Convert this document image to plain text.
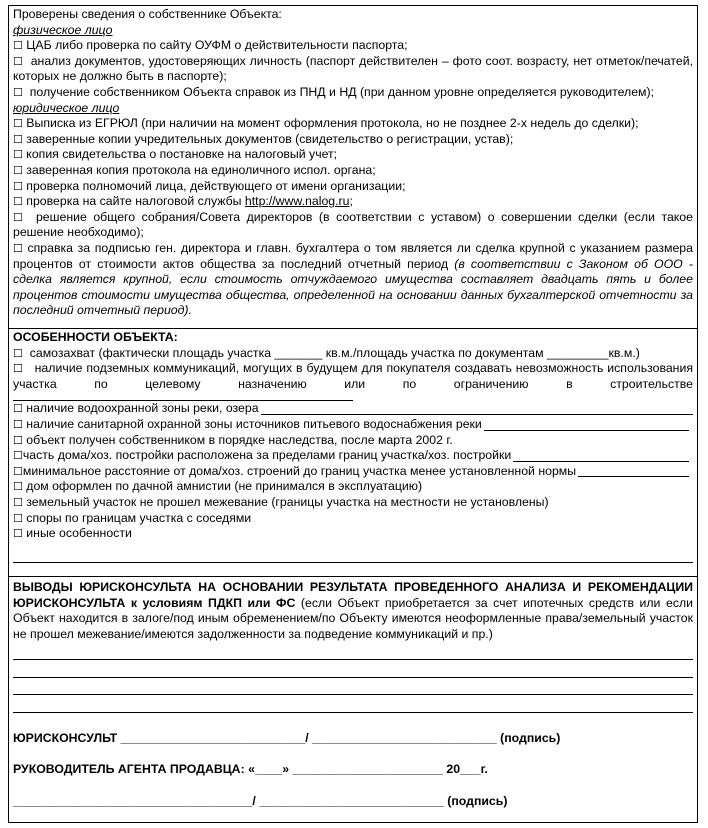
Проверены сведения о собственнике Объекта:

физическое лицо

☐ ЦАБ либо проверка по сайту ОУФМ о действительности паспорта;

☐ анализ документов, удостоверяющих личность (паспорт действителен – фото соот. возрасту, нет отметок/печатей, которых не должно быть в паспорте);

☐ получение собственником Объекта справок из ПНД и НД (при данном уровне определяется руководителем);

юридическое лицо

☐ Выписка из ЕГРЮЛ (при наличии на момент оформления протокола, но не позднее 2-х недель до сделки);

☐ заверенные копии учредительных документов (свидетельство о регистрации, устав);

☐ копия свидетельства о постановке на налоговый учет;

☐ заверенная копия протокола на единоличного испол. органа;

☐ проверка полномочий лица, действующего от имени организации;

☐ проверка на сайте налоговой службы http://www.nalog.ru;

☐ решение общего собрания/Совета директоров (в соответствии с уставом) о совершении сделки (если такое решение необходимо);

☐ справка за подписью ген. директора и главн. бухгалтера о том является ли сделка крупной с указанием размера процентов от стоимости актов общества за последний отчетный период (в соответствии с Законом об ООО - сделка является крупной, если стоимость отчуждаемого имущества составляет двадцать пять и более процентов стоимости имущества общества, определенной на основании данных бухгалтерской отчетности за последний отчетный период).

ОСОБЕННОСТИ ОБЪЕКТА:

☐ самозахват (фактически площадь участка _______ кв.м./площадь участка по документам _________кв.м.)

☐ наличие подземных коммуникаций, могущих в будущем для покупателя создавать невозможность использования участка по целевому назначению или по ограничению в строительстве

☐
наличие водоохранной зоны реки, озера

☐
наличие санитарной охранной зоны источников питьевого водоснабжения реки

☐ объект получен собственником в порядке наследства, после марта 2002 г.

☐ часть дома/хоз. постройки расположена за пределами границ участка/хоз. постройки

☐ минимальное расстояние от дома/хоз. строений до границ участка менее установленной нормы

☐ дом оформлен по дачной амнистии (не принимался в эксплуатацию)

☐ земельный участок не прошел межевание (границы участка на местности не установлены)

☐ споры по границам участка с соседями

☐ иные особенности

ВЫВОДЫ ЮРИСКОНСУЛЬТА НА ОСНОВАНИИ РЕЗУЛЬТАТА ПРОВЕДЕННОГО АНАЛИЗА И РЕКОМЕНДАЦИИ ЮРИСКОНСУЛЬТА к условиям ПДКП или ФС (если Объект приобретается за счет ипотечных средств или если Объект находится в залоге/под иным обременением/по Объекту имеются неоформленные права/земельный участок не прошел межевание/имеются задолженности за подведение коммуникаций и пр.)

ЮРИСКОНСУЛЬТ ___________________________/ ___________________________ (подпись)

РУКОВОДИТЕЛЬ АГЕНТА ПРОДАВЦА: «____» ______________________ 20___г.

___________________________________/ ___________________________ (подпись)
